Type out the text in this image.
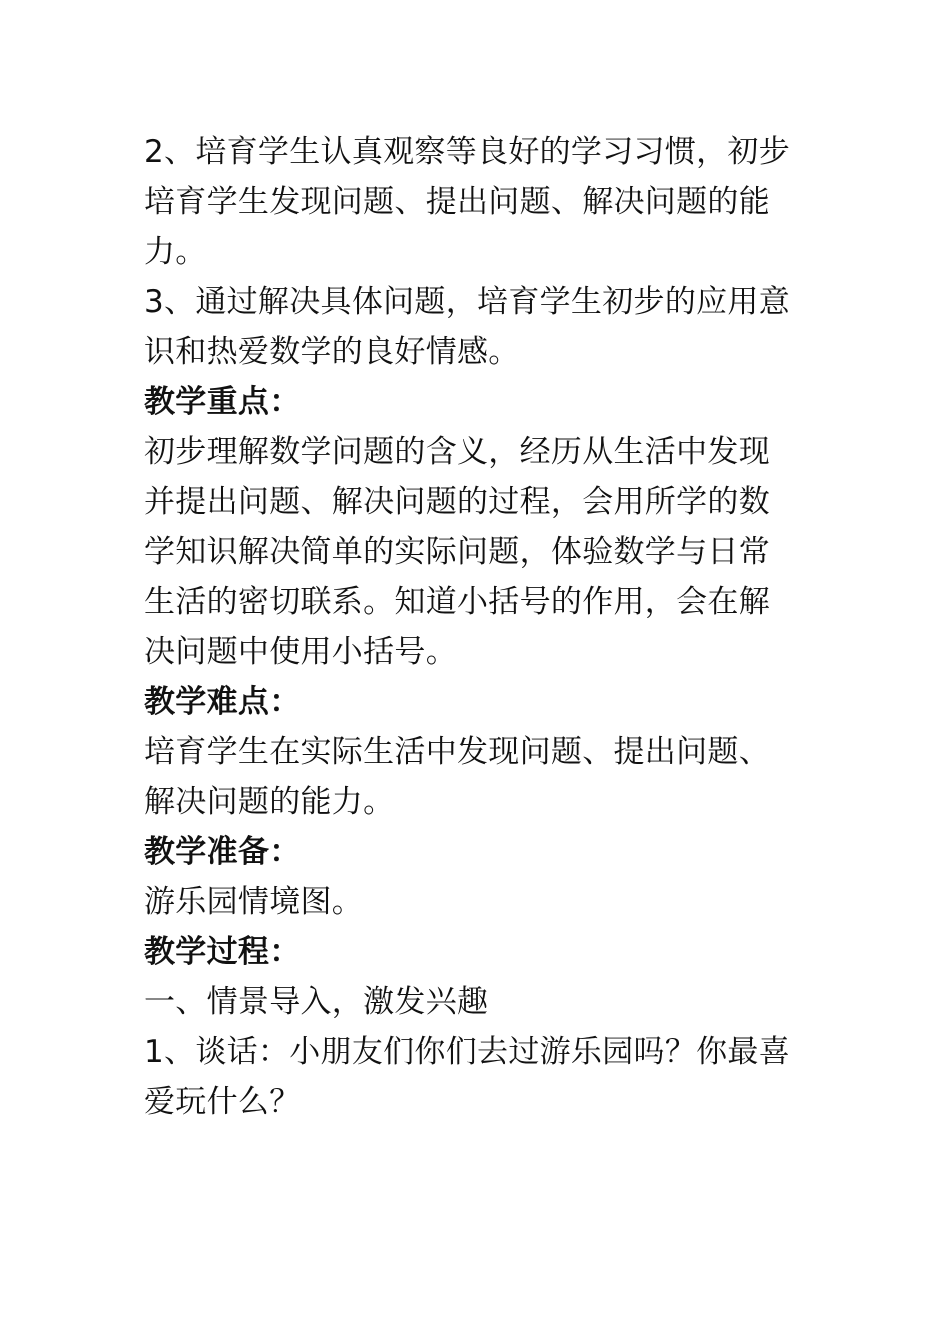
2、培育学生认真观察等良好的学习习惯，初步
培育学生发现问题、提出问题、解决问题的能
力。
3、通过解决具体问题，培育学生初步的应用意
识和热爱数学的良好情感。
教学重点：
初步理解数学问题的含义，经历从生活中发现
并提出问题、解决问题的过程，会用所学的数
学知识解决简单的实际问题，体验数学与日常
生活的密切联系。知道小括号的作用，会在解
决问题中使用小括号。
教学难点：
培育学生在实际生活中发现问题、提出问题、
解决问题的能力。
教学准备：
游乐园情境图。
教学过程：
一、情景导入，激发兴趣
1、谈话：小朋友们你们去过游乐园吗？你最喜
爱玩什么？
